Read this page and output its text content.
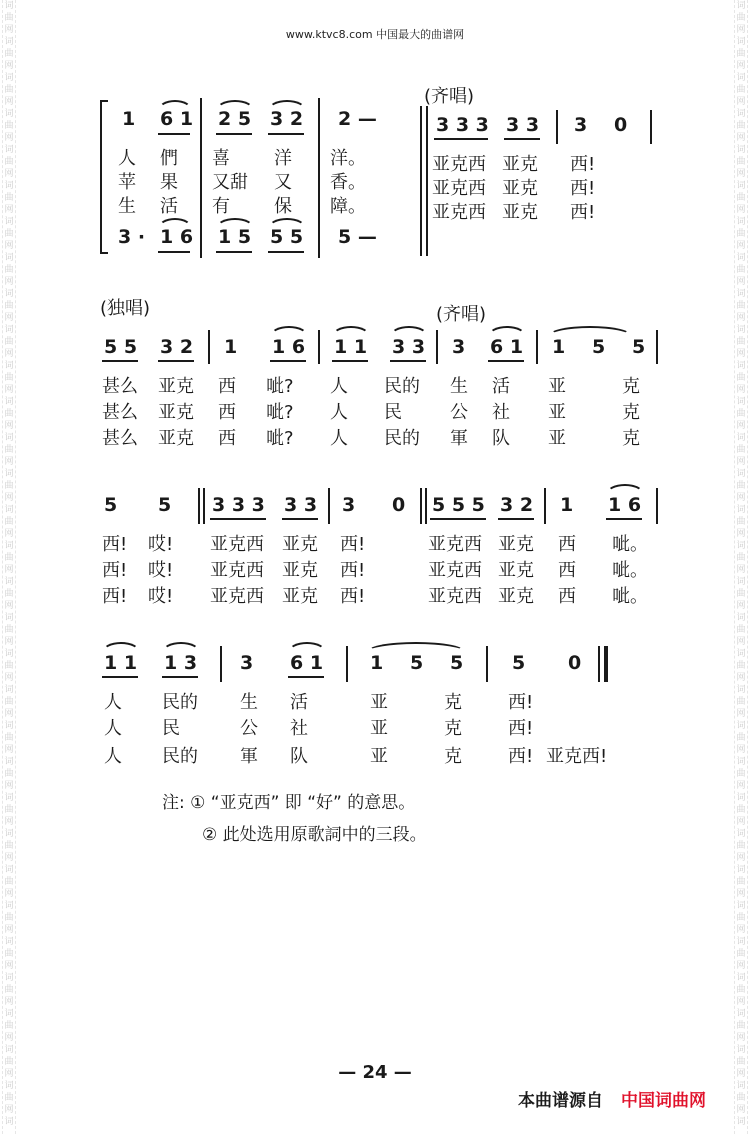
词
曲
网
词
曲
网
词
曲
网
词
曲
网
词
曲
网
词
曲
网
词
曲
网
词
曲
网
词
曲
网
词
曲
网
词
曲
网
词
曲
网
词
曲
网
词
曲
网
词
曲
网
词
曲
网
词
曲
网
词
曲
网
词
曲
网
词
曲
网
词
曲
网
词
曲
网
词
曲
网
词
曲
网
词
曲
网
词
曲
网
词
曲
网
词
曲
网
词
曲
网
词
曲
网
词
曲
网
词
词
曲
网
词
曲
网
词
曲
网
词
曲
网
词
曲
网
词
曲
网
词
曲
网
词
曲
网
词
曲
网
词
曲
网
词
曲
网
词
曲
网
词
曲
网
词
曲
网
词
曲
网
词
曲
网
词
曲
网
词
曲
网
词
曲
网
词
曲
网
词
曲
网
词
曲
网
词
曲
网
词
曲
网
词
曲
网
词
曲
网
词
曲
网
词
曲
网
词
曲
网
词
曲
网
词
曲
网
词
www.ktvc8.com 中国最大的曲谱网
(齐唱)
1 6 1 2 5 3 2 2 —
人 們 喜 洋 洋。
苹 果 又甜 又 香。
生 活 有 保 障。
3 · 1 6 1 5 5 5 5 —
3 3 3 3 3 3 0
亚克西 亚克 西!
亚克西 亚克 西!
亚克西 亚克 西!
(独唱)	(齐唱)
5 5 3 2 1 1 6 1 1 3 3 3 6 1 1 5 5
甚么 亚克 西 呲? 人 民的 生 活 亚	克
甚么 亚克 西 呲? 人 民	公 社 亚	克
甚么 亚克 西 呲? 人 民的 軍 队 亚	克
5 5 3 3 3 3 3 3 0 5 5 5 3 2 1 1 6
西! 哎! 亚克西 亚克 西!	亚克西 亚克 西 呲。
西! 哎! 亚克西 亚克 西!	亚克西 亚克 西 呲。
西! 哎! 亚克西 亚克 西!	亚克西 亚克 西 呲。
1 1 1 3 3 6 1 1 5 5	5 0
人 民的 生 活	亚	克	西!
人 民	公 社	亚	克	西!
人 民的 軍 队	亚	克	西! 亚克西!
注: ① “亚克西” 即 “好” 的意思。
② 此处选用原歌詞中的三段。
— 24 —
本曲谱源自 中国词曲网
